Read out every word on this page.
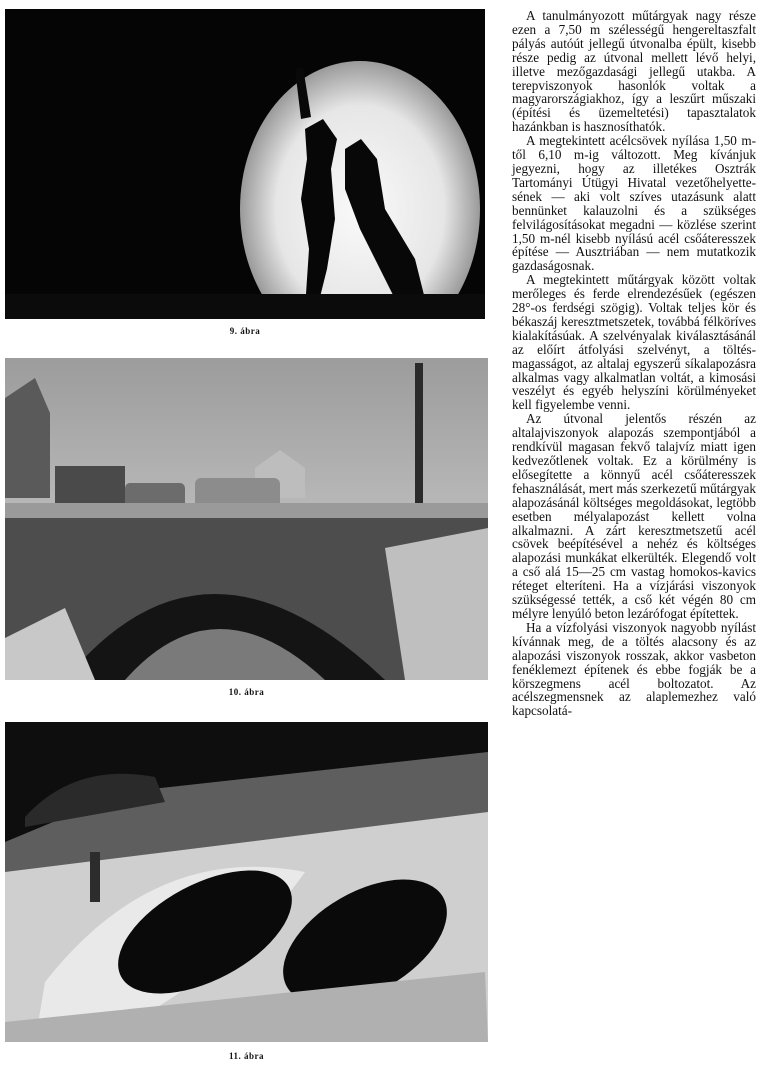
9. ábra
10. ábra
11. ábra

A tanulmányozott műtárgyak nagy része ezen a 7,50 m szélességű hengereltaszfalt pályás autóút jellegű útvonalba épült, kisebb része pedig az útvonal mellett lévő helyi, illetve mezőgazdasági jellegű utakba. A terepviszonyok hasonlók voltak a magyarországiakhoz, így a leszűrt műszaki (építési és üzemeltetési) tapasztalatok hazánkban is hasznosíthatók.

A megtekintett acélcsövek nyílása 1,50 m-től 6,10 m-ig változott. Meg kívánjuk jegyezni, hogy az illetékes Osztrák Tartományi Útügyi Hivatal vezetőhelyettesének — aki volt szíves utazásunk alatt bennünket kalauzolni és a szükséges felvilágosításokat megadni — közlése szerint 1,50 m-nél kisebb nyílású acél csőáteresszek építése — Ausztriában — nem mutatkozik gazdaságosnak.

A megtekintett műtárgyak között voltak merőleges és ferde elrendezésűek (egészen 28°-os ferdségi szögig). Voltak teljes kör és békaszáj keresztmetszetek, továbbá félköríves kialakításúak. A szelvényalak kiválasztásánál az előírt átfolyási szelvényt, a töltésmagasságot, az altalaj egyszerű síkalapozásra alkalmas vagy alkalmatlan voltát, a kimosási veszélyt és egyéb helyszíni körülményeket kell figyelembe venni.

Az útvonal jelentős részén az altalajviszonyok alapozás szempontjából a rendkívül magasan fekvő talajvíz miatt igen kedvezőtlenek voltak. Ez a körülmény is elősegítette a könnyű acél csőáteresszek fehasználását, mert más szerkezetű műtárgyak alapozásánál költséges megoldásokat, legtöbb esetben mélyalapozást kellett volna alkalmazni. A zárt keresztmetszetű acél csövek beépítésével a nehéz és költséges alapozási munkákat elkerülték. Elegendő volt a cső alá 15—25 cm vastag homokos-kavics réteget elteríteni. Ha a vízjárási viszonyok szükségessé tették, a cső két végén 80 cm mélyre lenyúló beton lezárófogat építettek.

Ha a vízfolyási viszonyok nagyobb nyílást kívánnak meg, de a töltés alacsony és az alapozási viszonyok rosszak, akkor vasbeton fenéklemezt építenek és ebbe fogják be a körszegmens acél boltozatot. Az acélszegmensnek az alaplemezhez való kapcsolatá-
